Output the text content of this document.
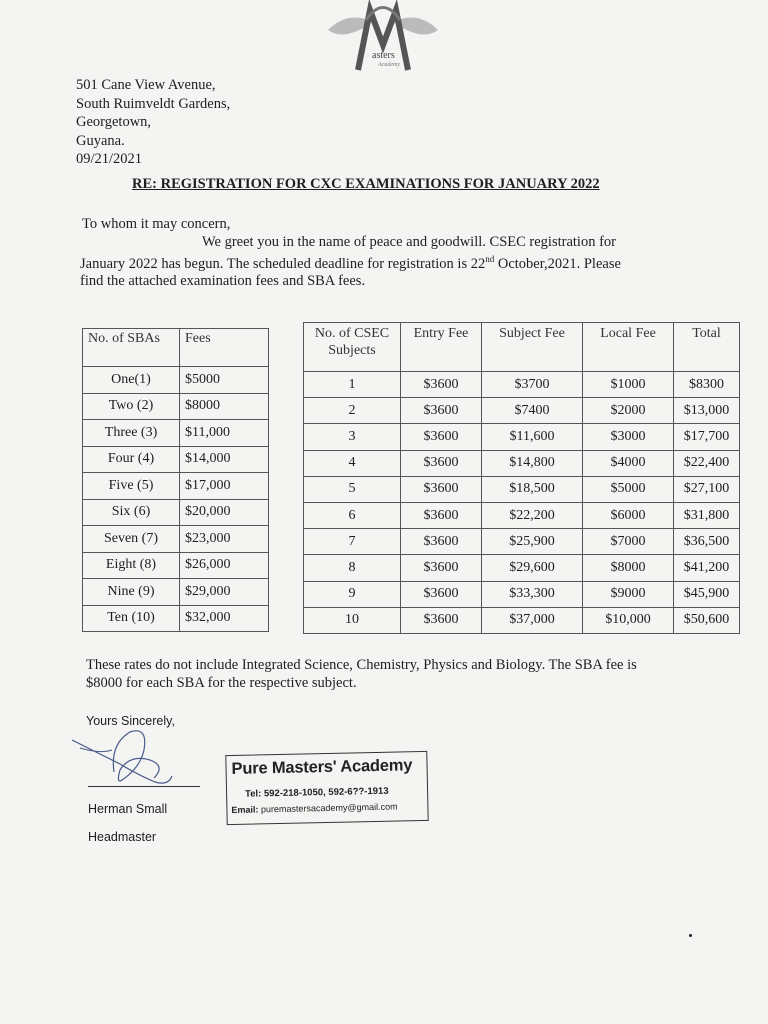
asters
Academy
501 Cane View Avenue,
South Ruimveldt Gardens,
Georgetown,
Guyana.
09/21/2021
RE: REGISTRATION FOR CXC EXAMINATIONS FOR JANUARY 2022
To whom it may concern,
We greet you in the name of peace and goodwill. CSEC registration for
January 2022 has begun. The scheduled deadline for registration is 22nd October,2021. Please
find the attached examination fees and SBA fees.
No. of SBAs	Fees
One(1)	$5000
Two (2)	$8000
Three (3)	$11,000
Four (4)	$14,000
Five (5)	$17,000
Six (6)	$20,000
Seven (7)	$23,000
Eight (8)	$26,000
Nine (9)	$29,000
Ten (10)	$32,000
No. of CSEC Subjects	Entry Fee	Subject Fee	Local Fee	Total
1	$3600	$3700	$1000	$8300
2	$3600	$7400	$2000	$13,000
3	$3600	$11,600	$3000	$17,700
4	$3600	$14,800	$4000	$22,400
5	$3600	$18,500	$5000	$27,100
6	$3600	$22,200	$6000	$31,800
7	$3600	$25,900	$7000	$36,500
8	$3600	$29,600	$8000	$41,200
9	$3600	$33,300	$9000	$45,900
10	$3600	$37,000	$10,000	$50,600
These rates do not include Integrated Science, Chemistry, Physics and Biology. The SBA fee is
$8000 for each SBA for the respective subject.
Yours Sincerely,
Herman Small
Headmaster
Pure Masters' Academy
Tel: 592-218-1050, 592-6??-1913
Email: puremastersacademy@gmail.com
